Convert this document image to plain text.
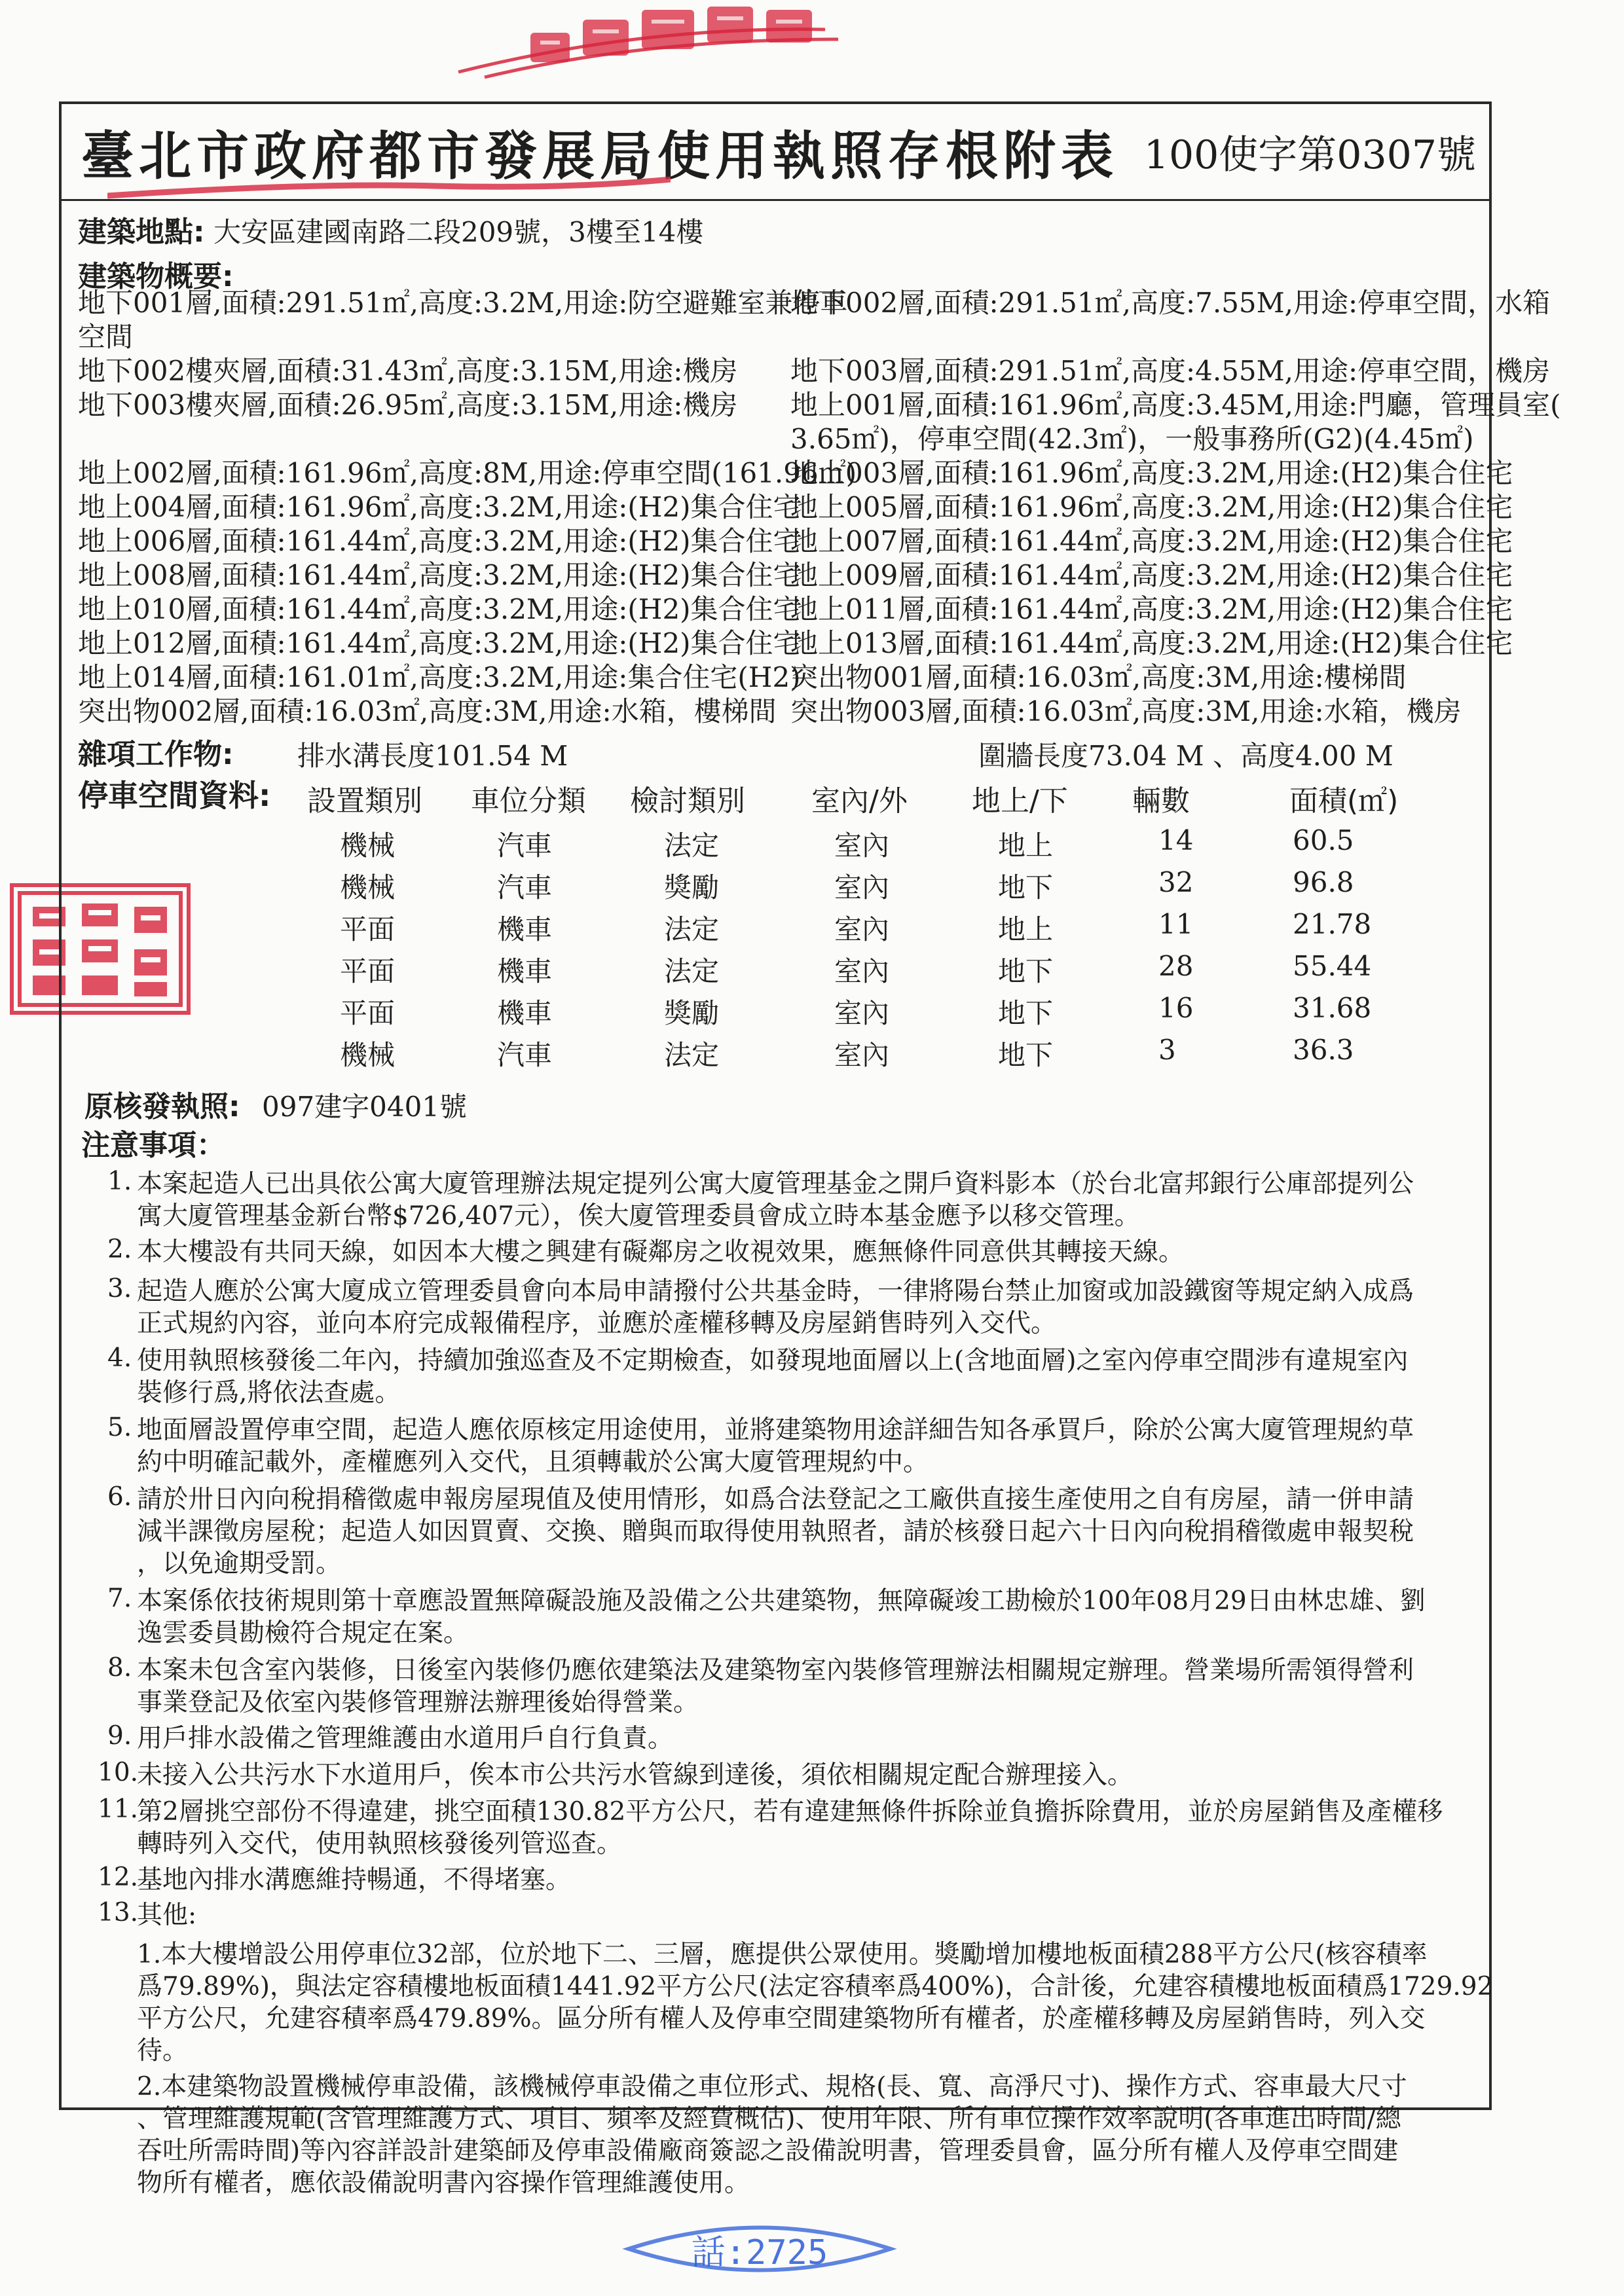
話:2725
臺北市政府都市發展局使用執照存根附表 100使字第0307號
建築地點: 大安區建國南路二段209號，3樓至14樓
建築物概要:
地下001層,面積:291.51㎡,高度:3.2M,用途:防空避難室兼停車
空間
地下002樓夾層,面積:31.43㎡,高度:3.15M,用途:機房
地下003樓夾層,面積:26.95㎡,高度:3.15M,用途:機房
地上002層,面積:161.96㎡,高度:8M,用途:停車空間(161.96㎡)
地上004層,面積:161.96㎡,高度:3.2M,用途:(H2)集合住宅
地上006層,面積:161.44㎡,高度:3.2M,用途:(H2)集合住宅
地上008層,面積:161.44㎡,高度:3.2M,用途:(H2)集合住宅
地上010層,面積:161.44㎡,高度:3.2M,用途:(H2)集合住宅
地上012層,面積:161.44㎡,高度:3.2M,用途:(H2)集合住宅
地上014層,面積:161.01㎡,高度:3.2M,用途:集合住宅(H2)
突出物002層,面積:16.03㎡,高度:3M,用途:水箱，樓梯間
地下002層,面積:291.51㎡,高度:7.55M,用途:停車空間，水箱
地下003層,面積:291.51㎡,高度:4.55M,用途:停車空間，機房
地上001層,面積:161.96㎡,高度:3.45M,用途:門廳，管理員室(
3.65㎡)，停車空間(42.3㎡)，一般事務所(G2)(4.45㎡)
地上003層,面積:161.96㎡,高度:3.2M,用途:(H2)集合住宅
地上005層,面積:161.96㎡,高度:3.2M,用途:(H2)集合住宅
地上007層,面積:161.44㎡,高度:3.2M,用途:(H2)集合住宅
地上009層,面積:161.44㎡,高度:3.2M,用途:(H2)集合住宅
地上011層,面積:161.44㎡,高度:3.2M,用途:(H2)集合住宅
地上013層,面積:161.44㎡,高度:3.2M,用途:(H2)集合住宅
突出物001層,面積:16.03㎡,高度:3M,用途:樓梯間
突出物003層,面積:16.03㎡,高度:3M,用途:水箱，機房
雜項工作物: 排水溝長度101.54 M	圍牆長度73.04 M 、高度4.00 M
停車空間資料: 設置類別 車位分類 檢討類別 室內/外 地上/下 輛數	面積(㎡)
機械	汽車	法定	室內	地上	14	60.5
機械	汽車	獎勵	室內	地下	32	96.8
平面	機車	法定	室內	地上	11	21.78
平面	機車	法定	室內	地下	28	55.44
平面	機車	獎勵	室內	地下	16	31.68
機械	汽車	法定	室內	地下	3	36.3
原核發執照: 097建字0401號
注意事項：
1. 本案起造人已出具依公寓大廈管理辦法規定提列公寓大廈管理基金之開戶資料影本（於台北富邦銀行公庫部提列公
寓大廈管理基金新台幣$726,407元），俟大廈管理委員會成立時本基金應予以移交管理。
2. 本大樓設有共同天線，如因本大樓之興建有礙鄰房之收視效果，應無條件同意供其轉接天線。
3. 起造人應於公寓大廈成立管理委員會向本局申請撥付公共基金時，一律將陽台禁止加窗或加設鐵窗等規定納入成爲
正式規約內容，並向本府完成報備程序，並應於產權移轉及房屋銷售時列入交代。
4. 使用執照核發後二年內，持續加強巡查及不定期檢查，如發現地面層以上(含地面層)之室內停車空間涉有違規室內
裝修行爲,將依法查處。
5. 地面層設置停車空間，起造人應依原核定用途使用，並將建築物用途詳細告知各承買戶，除於公寓大廈管理規約草
約中明確記載外，產權應列入交代，且須轉載於公寓大廈管理規約中。
6. 請於卅日內向稅捐稽徵處申報房屋現值及使用情形，如爲合法登記之工廠供直接生產使用之自有房屋，請一併申請
減半課徵房屋稅；起造人如因買賣、交換、贈與而取得使用執照者，請於核發日起六十日內向稅捐稽徵處申報契稅
，以免逾期受罰。
7. 本案係依技術規則第十章應設置無障礙設施及設備之公共建築物，無障礙竣工勘檢於100年08月29日由林忠雄、劉
逸雲委員勘檢符合規定在案。
8. 本案未包含室內裝修，日後室內裝修仍應依建築法及建築物室內裝修管理辦法相關規定辦理。營業場所需領得營利
事業登記及依室內裝修管理辦法辦理後始得營業。
9. 用戶排水設備之管理維護由水道用戶自行負責。
10.
未接入公共污水下水道用戶，俟本市公共污水管線到達後，須依相關規定配合辦理接入。
11.
第2層挑空部份不得違建，挑空面積130.82平方公尺，若有違建無條件拆除並負擔拆除費用，並於房屋銷售及產權移
轉時列入交代，使用執照核發後列管巡查。
12.
基地內排水溝應維持暢通，不得堵塞。
13.
其他:
1.本大樓增設公用停車位32部，位於地下二、三層，應提供公眾使用。獎勵增加樓地板面積288平方公尺(核容積率
爲79.89%)，與法定容積樓地板面積1441.92平方公尺(法定容積率爲400%)，合計後，允建容積樓地板面積爲1729.92
平方公尺，允建容積率爲479.89%。區分所有權人及停車空間建築物所有權者，於產權移轉及房屋銷售時，列入交
待。
2.本建築物設置機械停車設備，該機械停車設備之車位形式、規格(長、寬、高淨尺寸)、操作方式、容車最大尺寸
、管理維護規範(含管理維護方式、項目、頻率及經費概估)、使用年限、所有車位操作效率說明(各車進出時間/總
吞吐所需時間)等內容詳設計建築師及停車設備廠商簽認之設備說明書，管理委員會，區分所有權人及停車空間建
物所有權者，應依設備說明書內容操作管理維護使用。
